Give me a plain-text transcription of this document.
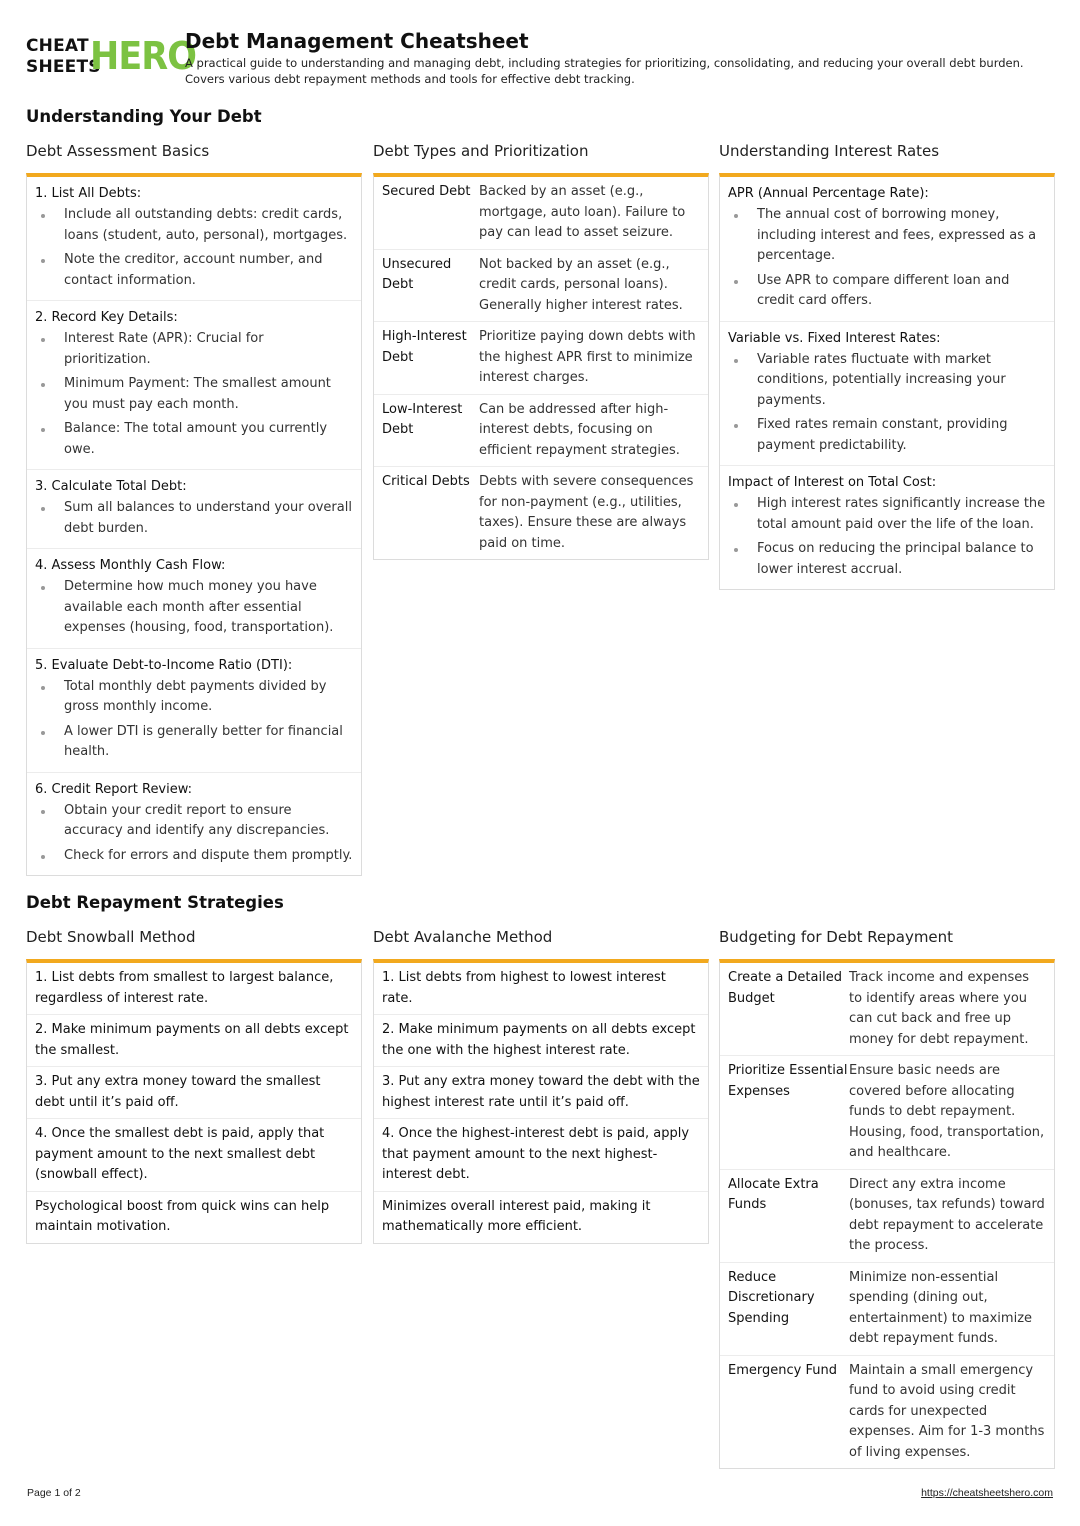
CHEAT
SHEETS
HERO
Debt Management Cheatsheet
A practical guide to understanding and managing debt, including strategies for prioritizing, consolidating, and reducing your overall debt burden. Covers various debt repayment methods and tools for effective debt tracking.
Understanding Your Debt
Debt Assessment Basics
1. List All Debts:
Include all outstanding debts: credit cards, loans (student, auto, personal), mortgages.
Note the creditor, account number, and contact information.
2. Record Key Details:
Interest Rate (APR): Crucial for prioritization.
Minimum Payment: The smallest amount you must pay each month.
Balance: The total amount you currently owe.
3. Calculate Total Debt:
Sum all balances to understand your overall debt burden.
4. Assess Monthly Cash Flow:
Determine how much money you have available each month after essential expenses (housing, food, transportation).
5. Evaluate Debt-to-Income Ratio (DTI):
Total monthly debt payments divided by gross monthly income.
A lower DTI is generally better for financial health.
6. Credit Report Review:
Obtain your credit report to ensure accuracy and identify any discrepancies.
Check for errors and dispute them promptly.
Debt Types and Prioritization
Secured Debt Backed by an asset (e.g., mortgage, auto loan). Failure to pay can lead to asset seizure.
Unsecured Debt
Not backed by an asset (e.g., credit cards, personal loans). Generally higher interest rates.
High-Interest Debt
Prioritize paying down debts with the highest APR first to minimize interest charges.
Low-Interest Debt
Can be addressed after high-interest debts, focusing on efficient repayment strategies.
Critical Debts Debts with severe consequences for non-payment (e.g., utilities, taxes). Ensure these are always paid on time.
Understanding Interest Rates
APR (Annual Percentage Rate):
The annual cost of borrowing money, including interest and fees, expressed as a percentage.
Use APR to compare different loan and credit card offers.
Variable vs. Fixed Interest Rates:
Variable rates fluctuate with market conditions, potentially increasing your payments.
Fixed rates remain constant, providing payment predictability.
Impact of Interest on Total Cost:
High interest rates significantly increase the total amount paid over the life of the loan.
Focus on reducing the principal balance to lower interest accrual.
Debt Repayment Strategies
Debt Snowball Method
1. List debts from smallest to largest balance, regardless of interest rate.
2. Make minimum payments on all debts except the smallest.
3. Put any extra money toward the smallest debt until it’s paid off.
4. Once the smallest debt is paid, apply that payment amount to the next smallest debt (snowball effect).
Psychological boost from quick wins can help maintain motivation.
Debt Avalanche Method
1. List debts from highest to lowest interest rate.
2. Make minimum payments on all debts except the one with the highest interest rate.
3. Put any extra money toward the debt with the highest interest rate until it’s paid off.
4. Once the highest-interest debt is paid, apply that payment amount to the next highest-interest debt.
Minimizes overall interest paid, making it mathematically more efficient.
Budgeting for Debt Repayment
Create a Detailed Budget
Track income and expenses to identify areas where you can cut back and free up money for debt repayment.
Prioritize Essential Expenses
Ensure basic needs are covered before allocating funds to debt repayment. Housing, food, transportation, and healthcare.
Allocate Extra Funds
Direct any extra income (bonuses, tax refunds) toward debt repayment to accelerate the process.
Reduce Discretionary Spending
Minimize non-essential spending (dining out, entertainment) to maximize debt repayment funds.
Emergency Fund Maintain a small emergency fund to avoid using credit cards for unexpected expenses. Aim for 1-3 months of living expenses.
Page 1 of 2	https://cheatsheetshero.com
